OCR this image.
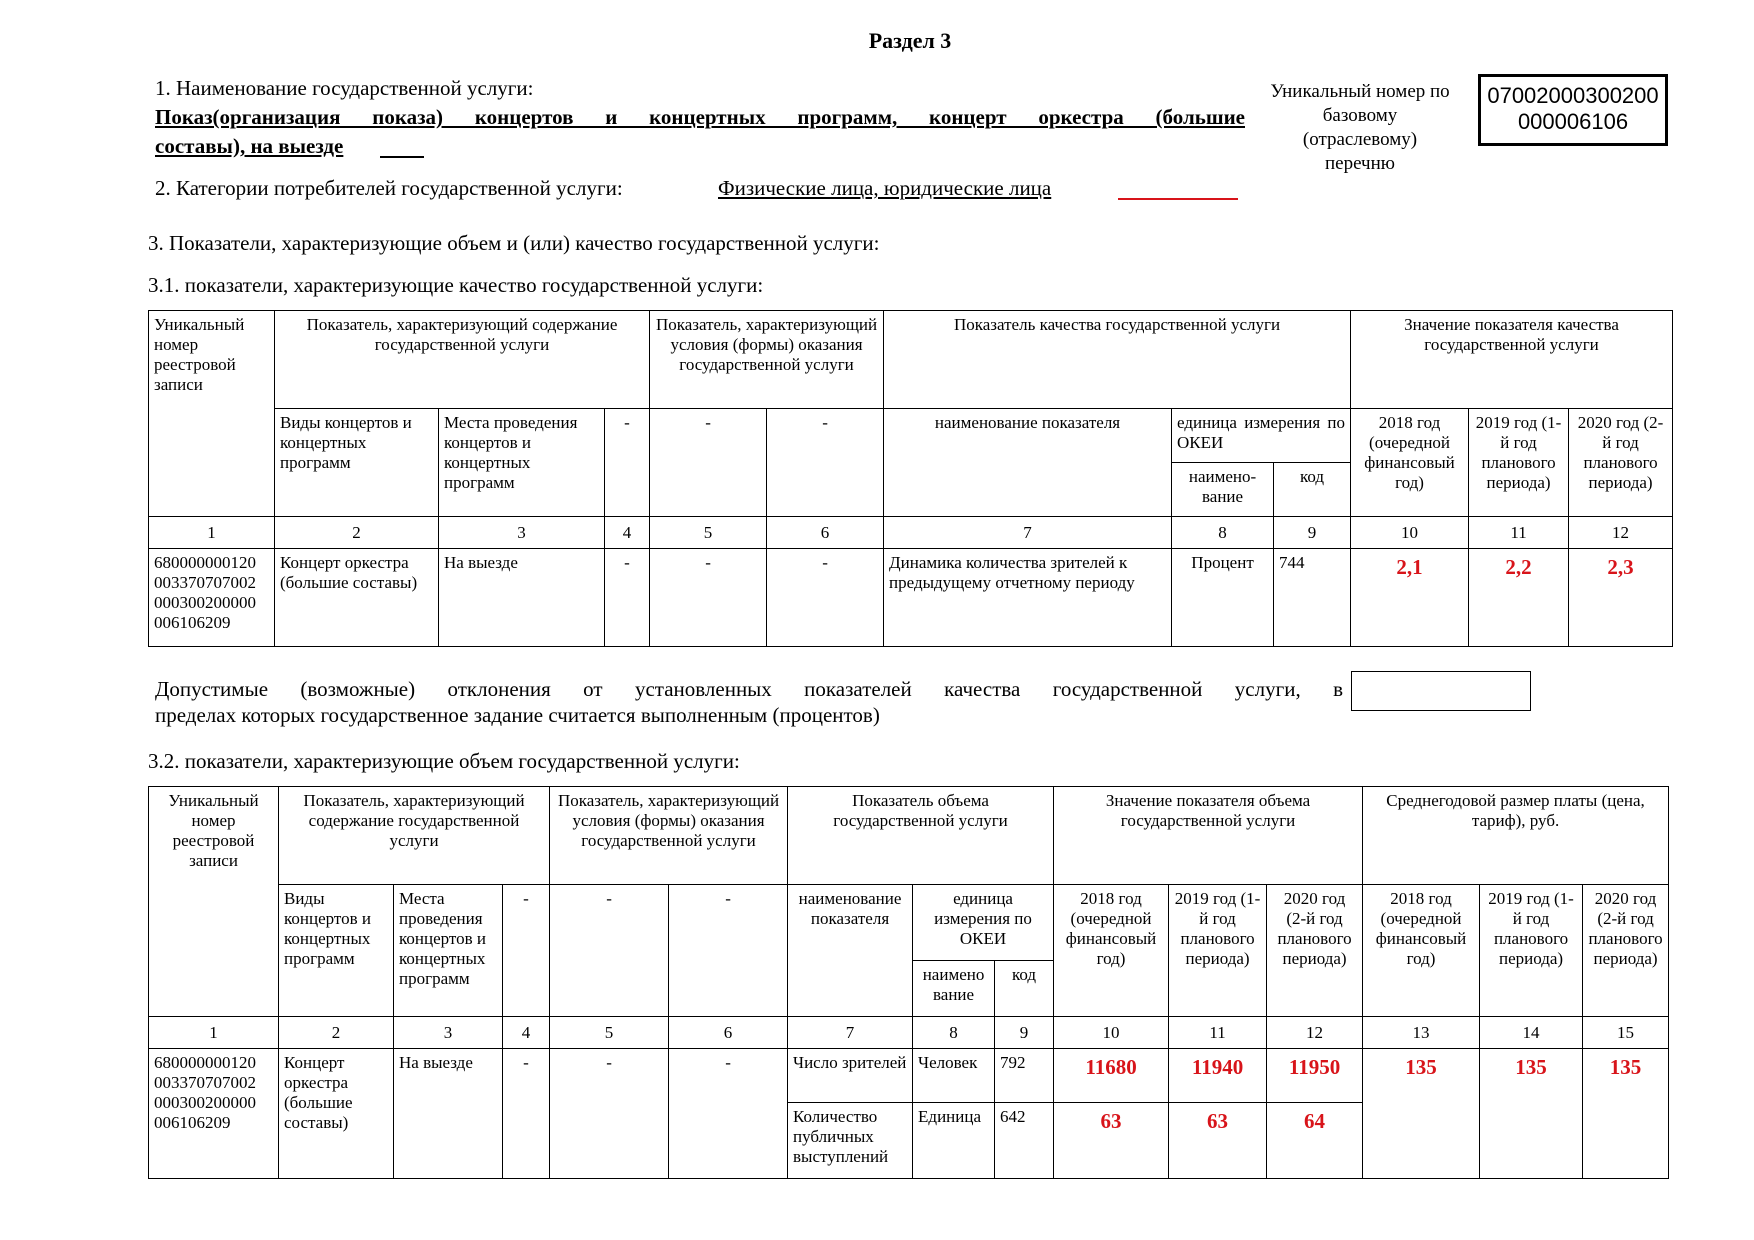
Раздел 3
1. Наименование государственной услуги:
Показ(организация показа) концертов и концертных программ, концерт оркестра (большие
составы), на выезде
2. Категории потребителей государственной услуги:	Физические лица, юридические лица
Уникальный номер по
базовому
(отраслевому)
перечню
07002000300200
000006106
3. Показатели, характеризующие объем и (или) качество государственной услуги:
3.1. показатели, характеризующие качество государственной услуги:
Уникальный номер реестровой записи	Показатель, характеризующий содержание государственной услуги			Показатель, характеризующий условия (формы) оказания государственной услуги		Показатель качества государственной услуги			Значение показателя качества государственной услуги		
	Виды концертов и концертных программ	Места проведения концертов и концертных программ	-	-	-	наименование показателя	единица измерения по ОКЕИ		2018 год (очередной финансовый год)	2019 год (1-й год планового периода)	2020 год (2-й год планового периода)
							наимено-вание	код			
1	2	3	4	5	6	7	8	9	10	11	12
680000000120 003370707002 000300200000 006106209	Концерт оркестра (большие составы)	На выезде	-	-	-	Динамика количества зрителей к предыдущему отчетному периоду	Процент	744	2,1	2,2	2,3
Допустимые (возможные) отклонения от установленных показателей качества государственной услуги, в
пределах которых государственное задание считается выполненным (процентов)
3.2. показатели, характеризующие объем государственной услуги:
Уникальный номер реестровой записи	Показатель, характеризующий содержание государственной услуги			Показатель, характеризующий условия (формы) оказания государственной услуги		Показатель объема государственной услуги			Значение показателя объема государственной услуги			Среднегодовой размер платы (цена, тариф), руб.		
	Виды концертов и концертных программ	Места проведения концертов и концертных программ	-	-	-	наименование показателя	единица измерения по ОКЕИ		2018 год (очередной финансовый год)	2019 год (1-й год планового периода)	2020 год (2-й год планового периода)	2018 год (очередной финансовый год)	2019 год (1-й год планового периода)	2020 год (2-й год планового периода)
							наимено вание	код						
1	2	3	4	5	6	7	8	9	10	11	12	13	14	15
680000000120 003370707002 000300200000 006106209	Концерт оркестра (большие составы)	На выезде	-	-	-	Число зрителей	Человек	792	11680	11940	11950	135	135	135
						Количество публичных выступлений	Единица	642	63	63	64			
